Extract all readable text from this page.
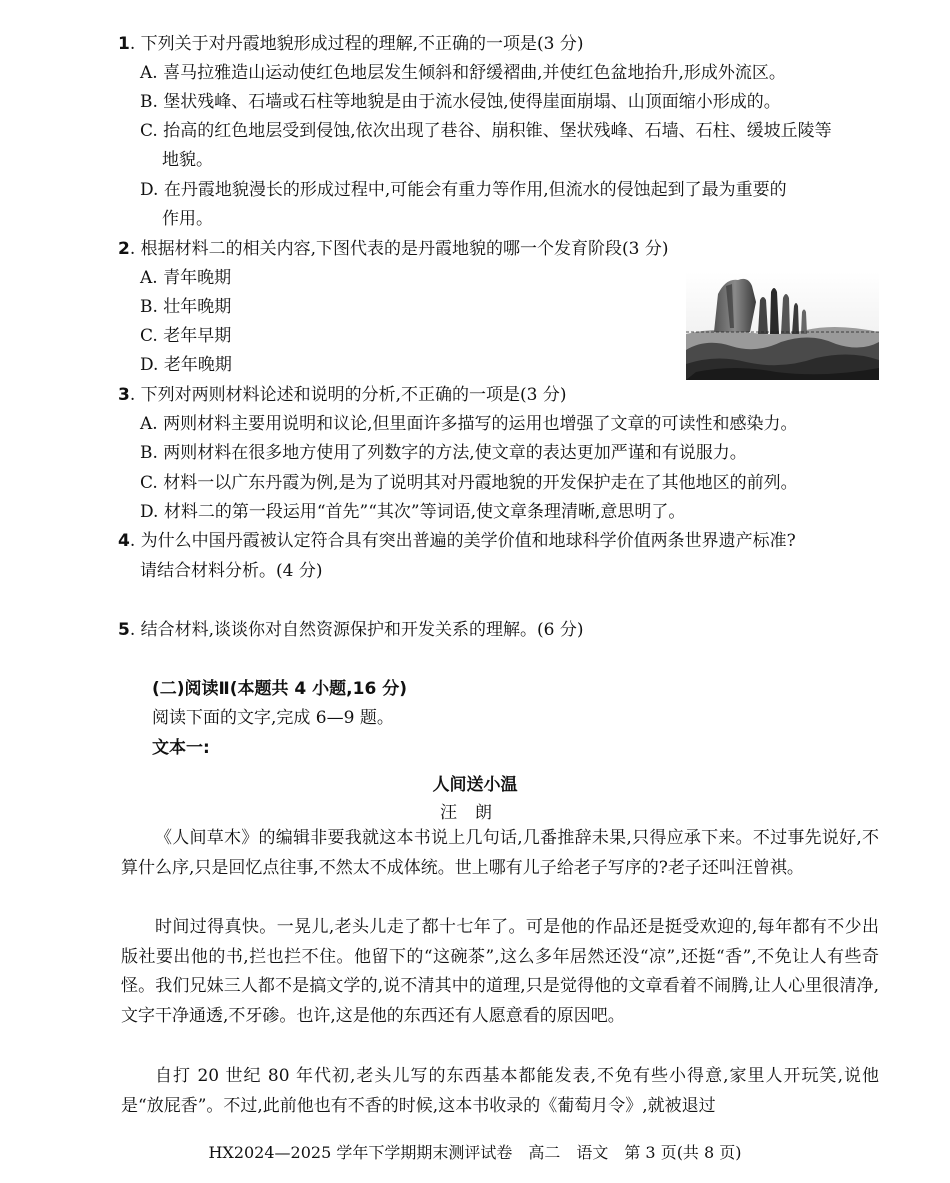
1. 下列关于对丹霞地貌形成过程的理解,不正确的一项是(3 分)
A. 喜马拉雅造山运动使红色地层发生倾斜和舒缓褶曲,并使红色盆地抬升,形成外流区。
B. 堡状残峰、石墙或石柱等地貌是由于流水侵蚀,使得崖面崩塌、山顶面缩小形成的。
C. 抬高的红色地层受到侵蚀,依次出现了巷谷、崩积锥、堡状残峰、石墙、石柱、缓坡丘陵等
地貌。
D. 在丹霞地貌漫长的形成过程中,可能会有重力等作用,但流水的侵蚀起到了最为重要的
作用。
2. 根据材料二的相关内容,下图代表的是丹霞地貌的哪一个发育阶段(3 分)
A. 青年晚期
B. 壮年晚期
C. 老年早期
D. 老年晚期
3. 下列对两则材料论述和说明的分析,不正确的一项是(3 分)
A. 两则材料主要用说明和议论,但里面许多描写的运用也增强了文章的可读性和感染力。
B. 两则材料在很多地方使用了列数字的方法,使文章的表达更加严谨和有说服力。
C. 材料一以广东丹霞为例,是为了说明其对丹霞地貌的开发保护走在了其他地区的前列。
D. 材料二的第一段运用“首先”“其次”等词语,使文章条理清晰,意思明了。
4. 为什么中国丹霞被认定符合具有突出普遍的美学价值和地球科学价值两条世界遗产标准?
请结合材料分析。(4 分)
5. 结合材料,谈谈你对自然资源保护和开发关系的理解。(6 分)
(二)阅读Ⅱ(本题共 4 小题,16 分)
阅读下面的文字,完成 6—9 题。
文本一:
人间送小温
汪朗
《人间草木》的编辑非要我就这本书说上几句话,几番推辞未果,只得应承下来。不过事先说好,不算什么序,只是回忆点往事,不然太不成体统。世上哪有儿子给老子写序的?老子还叫汪曾祺。
时间过得真快。一晃儿,老头儿走了都十七年了。可是他的作品还是挺受欢迎的,每年都有不少出版社要出他的书,拦也拦不住。他留下的“这碗茶”,这么多年居然还没“凉”,还挺“香”,不免让人有些奇怪。我们兄妹三人都不是搞文学的,说不清其中的道理,只是觉得他的文章看着不闹腾,让人心里很清净,文字干净通透,不牙碜。也许,这是他的东西还有人愿意看的原因吧。
自打 20 世纪 80 年代初,老头儿写的东西基本都能发表,不免有些小得意,家里人开玩笑,说他是“放屁香”。不过,此前他也有不香的时候,这本书收录的《葡萄月令》,就被退过
HX2024—2025 学年下学期期末测评试卷　高二　语文　第 3 页(共 8 页)
